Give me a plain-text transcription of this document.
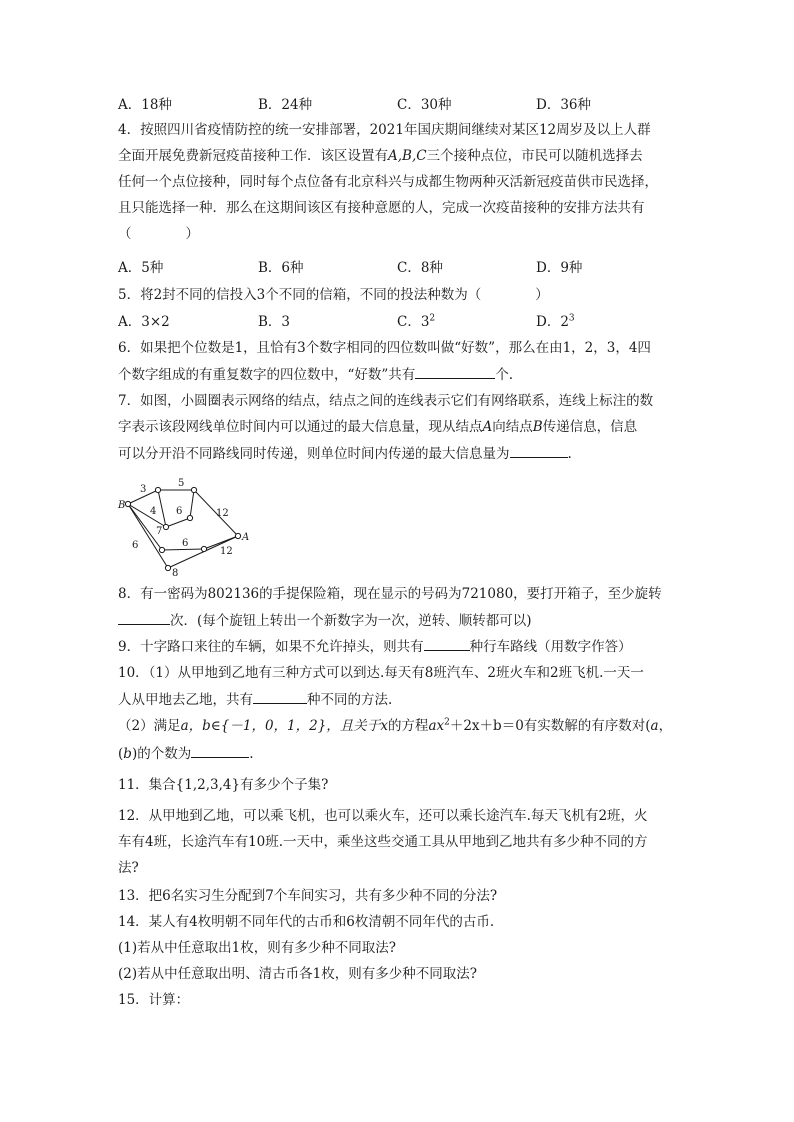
A．18种	B．24种	C．30种	D．36种
4．按照四川省疫情防控的统一安排部署，2021年国庆期间继续对某区12周岁及以上人群
全面开展免费新冠疫苗接种工作．该区设置有A,B,C三个接种点位，市民可以随机选择去
任何一个点位接种，同时每个点位备有北京科兴与成都生物两种灭活新冠疫苗供市民选择，
且只能选择一种．那么在这期间该区有接种意愿的人，完成一次疫苗接种的安排方法共有
（　　　　）
A．5种	B．6种	C．8种	D．9种
5．将2封不同的信投入3个不同的信箱，不同的投法种数为（　　　　）
A．3×2	B．3	C．$3^2$	D．$2^3$
6．如果把个位数是1，且恰有3个数字相同的四位数叫做“好数”，那么在由1，2，3，4四
个数字组成的有重复数字的四位数中，“好数”共有	个.
7．如图，小圆圈表示网络的结点，结点之间的连线表示它们有网络联系，连线上标注的数
字表示该段网线单位时间内可以通过的最大信息量，现从结点A向结点B传递信息，信息
可以分开沿不同路线同时传递，则单位时间内传递的最大信息量为	.
B
A
3
5
4 6	12
7
6
12
6
8
8．有一密码为802136的手提保险箱，现在显示的号码为721080，要打开箱子，至少旋转
次．(每个旋钮上转出一个新数字为一次，逆转、顺转都可以)
9．十字路口来往的车辆，如果不允许掉头，则共有	种行车路线（用数字作答）
10．（1）从甲地到乙地有三种方式可以到达.每天有8班汽车、2班火车和2班飞机.一天一
人从甲地去乙地，共有	种不同的方法.
（2）满足a，b∈{－1，0，1，2}，且关于x的方程$ax^2+2x+b=0$有实数解的有序数对(a，
(b)的个数为	.
11．集合{1,2,3,4}有多少个子集?
12．从甲地到乙地，可以乘飞机，也可以乘火车，还可以乘长途汽车.每天飞机有2班，火
车有4班，长途汽车有10班.一天中，乘坐这些交通工具从甲地到乙地共有多少种不同的方
法?
13．把6名实习生分配到7个车间实习，共有多少种不同的分法?
14．某人有4枚明朝不同年代的古币和6枚清朝不同年代的古币.
(1)若从中任意取出1枚，则有多少种不同取法?
(2)若从中任意取出明、清古币各1枚，则有多少种不同取法?
15．计算：
